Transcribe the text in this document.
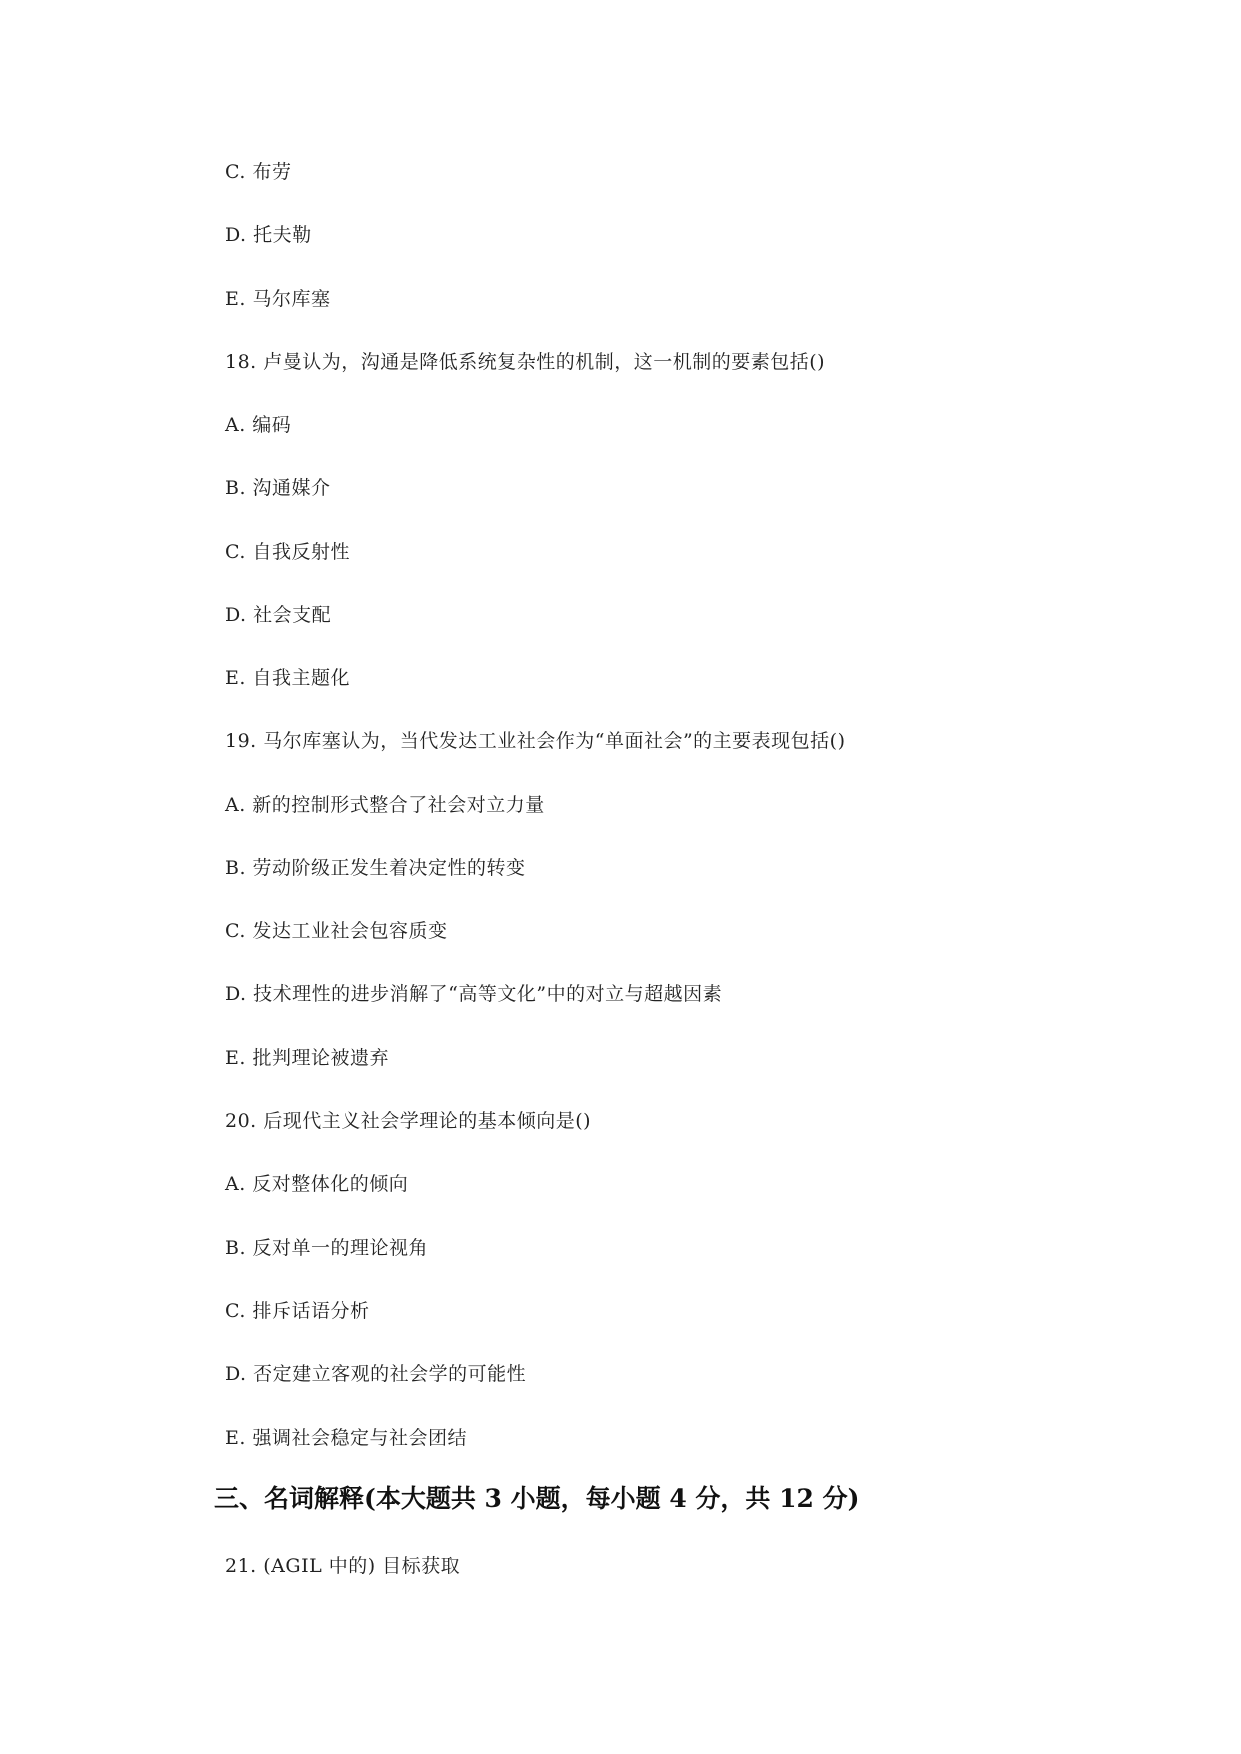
C. 布劳
D. 托夫勒
E. 马尔库塞
18. 卢曼认为，沟通是降低系统复杂性的机制，这一机制的要素包括()
A. 编码
B. 沟通媒介
C. 自我反射性
D. 社会支配
E. 自我主题化
19. 马尔库塞认为，当代发达工业社会作为“单面社会”的主要表现包括()
A. 新的控制形式整合了社会对立力量
B. 劳动阶级正发生着决定性的转变
C. 发达工业社会包容质变
D. 技术理性的进步消解了“高等文化”中的对立与超越因素
E. 批判理论被遗弃
20. 后现代主义社会学理论的基本倾向是()
A. 反对整体化的倾向
B. 反对单一的理论视角
C. 排斥话语分析
D. 否定建立客观的社会学的可能性
E. 强调社会稳定与社会团结
三、名词解释(本大题共 3 小题，每小题 4 分，共 12 分)
21. (AGIL 中的) 目标获取
